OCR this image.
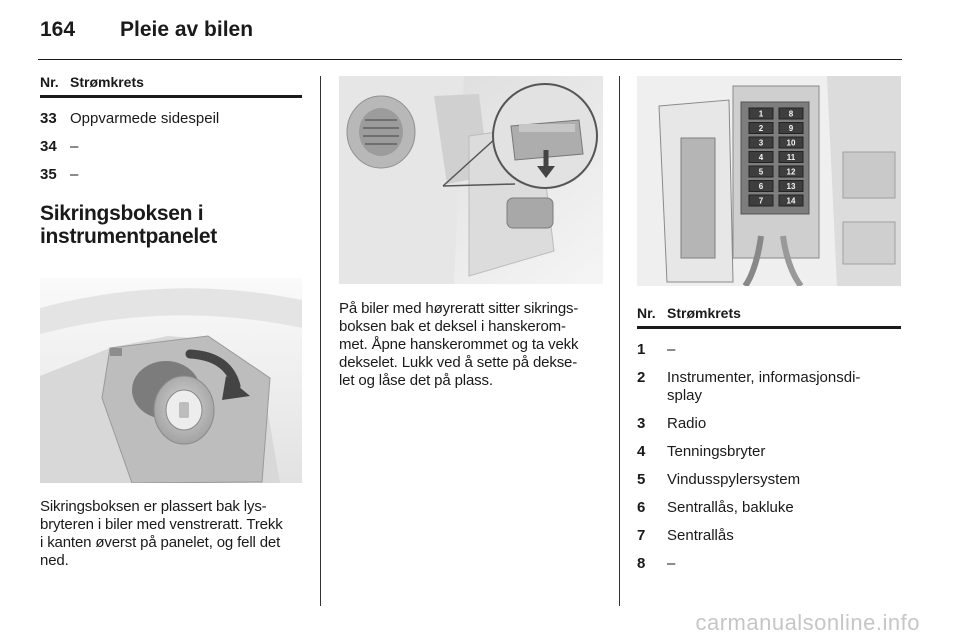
164 Pleie av bilen
Nr. Strømkrets
33 Oppvarmede sidespeil
34 –
35 –
Sikringsboksen i
instrumentpanelet
Sikringsboksen er plassert bak lys-
bryteren i biler med venstreratt. Trekk
i kanten øverst på panelet, og fell det
ned.
På biler med høyreratt sitter sikrings-
boksen bak et deksel i hanskerom-
met. Åpne hanskerommet og ta vekk
dekselet. Lukk ved å sette på dekse-
let og låse det på plass.
1
2
3
4
5
6
7
8
9
10
11
12
13
14
Nr. Strømkrets
1	–
2	Instrumenter, informasjonsdi-
splay
3	Radio
4	Tenningsbryter
5	Vindusspylersystem
6	Sentrallås, bakluke
7	Sentrallås
8	–
carmanualsonline.info
